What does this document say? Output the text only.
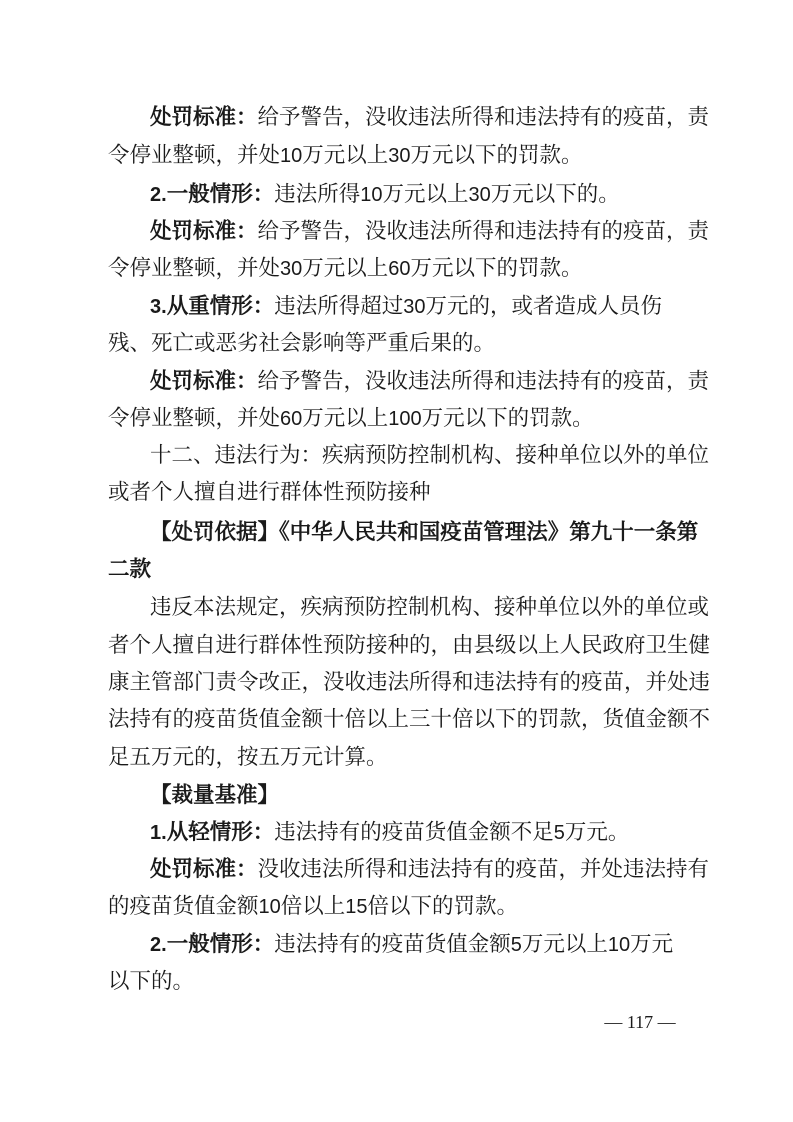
处罚标准：给予警告，没收违法所得和违法持有的疫苗，责
令停业整顿，并处10万元以上30万元以下的罚款。
2.一般情形：违法所得10万元以上30万元以下的。
处罚标准：给予警告，没收违法所得和违法持有的疫苗，责
令停业整顿，并处30万元以上60万元以下的罚款。
3.从重情形：违法所得超过30万元的，或者造成人员伤
残、死亡或恶劣社会影响等严重后果的。
处罚标准：给予警告，没收违法所得和违法持有的疫苗，责
令停业整顿，并处60万元以上100万元以下的罚款。
十二、违法行为：疾病预防控制机构、接种单位以外的单位
或者个人擅自进行群体性预防接种
【处罚依据】《中华人民共和国疫苗管理法》第九十一条第
二款
违反本法规定，疾病预防控制机构、接种单位以外的单位或
者个人擅自进行群体性预防接种的，由县级以上人民政府卫生健
康主管部门责令改正，没收违法所得和违法持有的疫苗，并处违
法持有的疫苗货值金额十倍以上三十倍以下的罚款，货值金额不
足五万元的，按五万元计算。
【裁量基准】
1.从轻情形：违法持有的疫苗货值金额不足5万元。
处罚标准：没收违法所得和违法持有的疫苗，并处违法持有
的疫苗货值金额10倍以上15倍以下的罚款。
2.一般情形：违法持有的疫苗货值金额5万元以上10万元
以下的。
— 117 —
